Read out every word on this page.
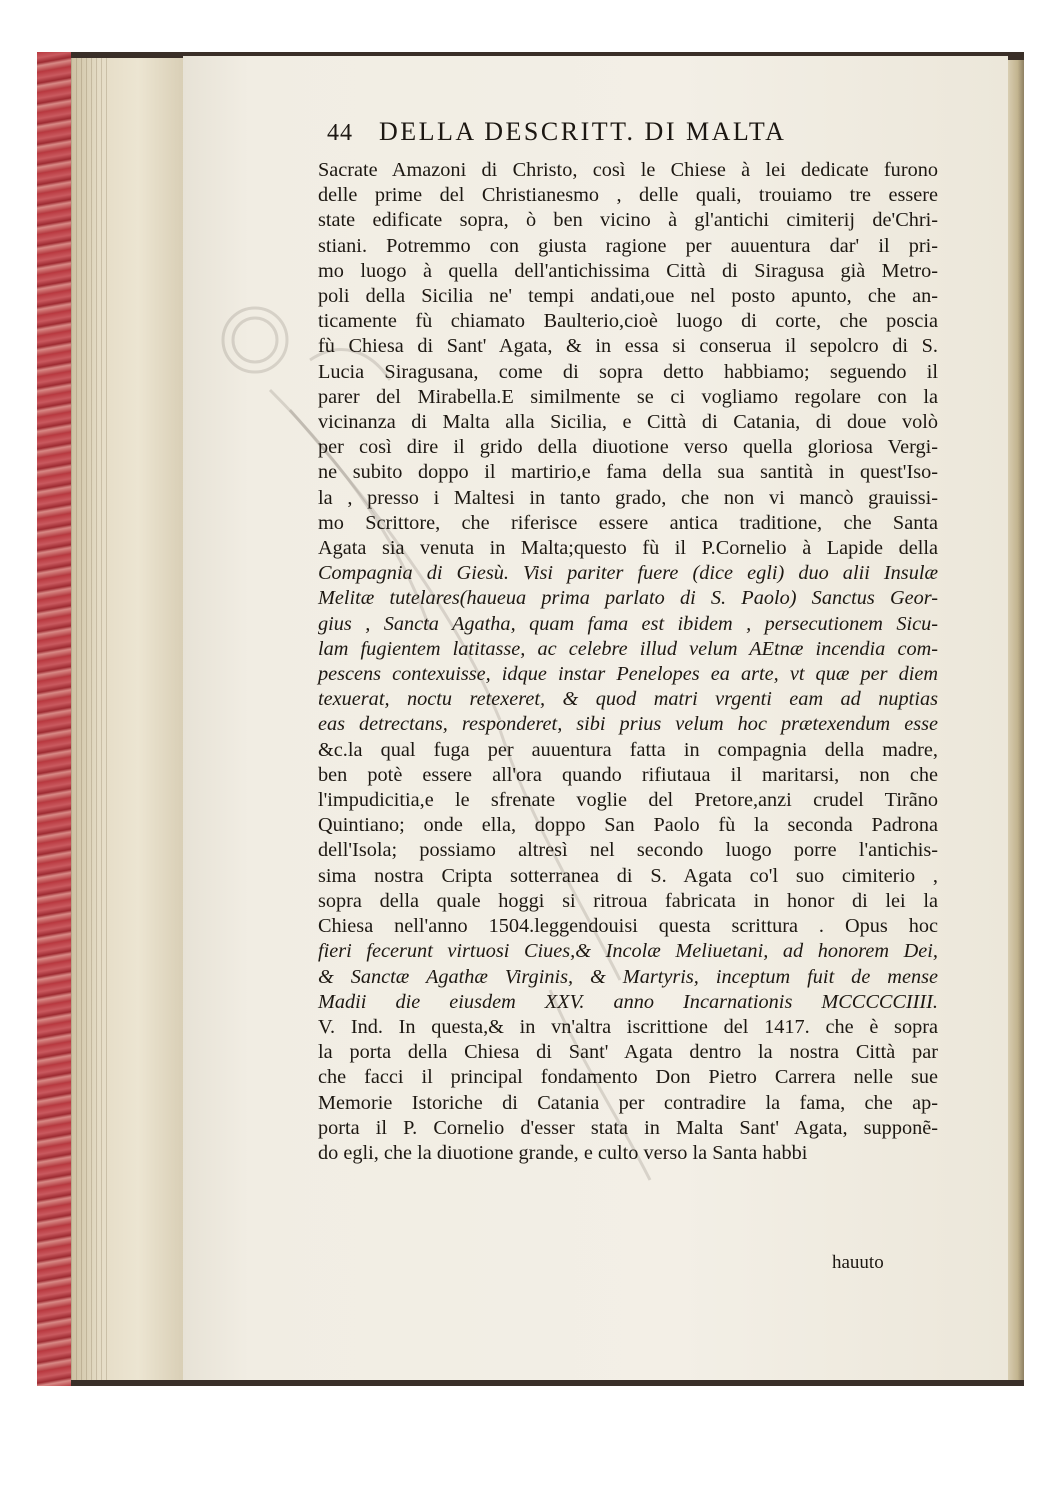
44 DELLA DESCRITT. DI MALTA
Sacrate Amazoni di Christo, così le Chiese à lei dedicate furono
delle prime del Christianesmo , delle quali, trouiamo tre essere
state edificate sopra, ò ben vicino à gl'antichi cimiterij de'Chri-
stiani. Potremmo con giusta ragione per auuentura dar' il pri-
mo luogo à quella dell'antichissima Città di Siragusa già Metro-
poli della Sicilia ne' tempi andati,oue nel posto apunto, che an-
ticamente fù chiamato Baulterio,cioè luogo di corte, che poscia
fù Chiesa di Sant' Agata, & in essa si conserua il sepolcro di S.
Lucia Siragusana, come di sopra detto habbiamo; seguendo il
parer del Mirabella.E similmente se ci vogliamo regolare con la
vicinanza di Malta alla Sicilia, e Città di Catania, di doue volò
per così dire il grido della diuotione verso quella gloriosa Vergi-
ne subito doppo il martirio,e fama della sua santità in quest'Iso-
la , presso i Maltesi in tanto grado, che non vi mancò grauissi-
mo Scrittore, che riferisce essere antica traditione, che Santa
Agata sia venuta in Malta;questo fù il P.Cornelio à Lapide della
Compagnia di Giesù. Visi pariter fuere (dice egli) duo alii Insulæ
Melitæ tutelares(haueua prima parlato di S. Paolo) Sanctus Geor-
gius , Sancta Agatha, quam fama est ibidem , persecutionem Sicu-
lam fugientem latitasse, ac celebre illud velum AEtnæ incendia com-
pescens contexuisse, idque instar Penelopes ea arte, vt quæ per diem
texuerat, noctu retexeret, & quod matri vrgenti eam ad nuptias
eas detrectans, responderet, sibi prius velum hoc prætexendum esse
&c.la qual fuga per auuentura fatta in compagnia della madre,
ben potè essere all'ora quando rifiutaua il maritarsi, non che
l'impudicitia,e le sfrenate voglie del Pretore,anzi crudel Tirãno
Quintiano; onde ella, doppo San Paolo fù la seconda Padrona
dell'Isola; possiamo altresì nel secondo luogo porre l'antichis-
sima nostra Cripta sotterranea di S. Agata co'l suo cimiterio ,
sopra della quale hoggi si ritroua fabricata in honor di lei la
Chiesa nell'anno 1504.leggendouisi questa scrittura . Opus hoc
fieri fecerunt virtuosi Ciues,& Incolæ Meliuetani, ad honorem Dei,
& Sanctæ Agathæ Virginis, & Martyris, inceptum fuit de mense
Madii die eiusdem XXV. anno Incarnationis MCCCCCIIII.
V. Ind. In questa,& in vn'altra iscrittione del 1417. che è sopra
la porta della Chiesa di Sant' Agata dentro la nostra Città par
che facci il principal fondamento Don Pietro Carrera nelle sue
Memorie Istoriche di Catania per contradire la fama, che ap-
porta il P. Cornelio d'esser stata in Malta Sant' Agata, supponẽ-
do egli, che la diuotione grande, e culto verso la Santa habbi
hauuto
